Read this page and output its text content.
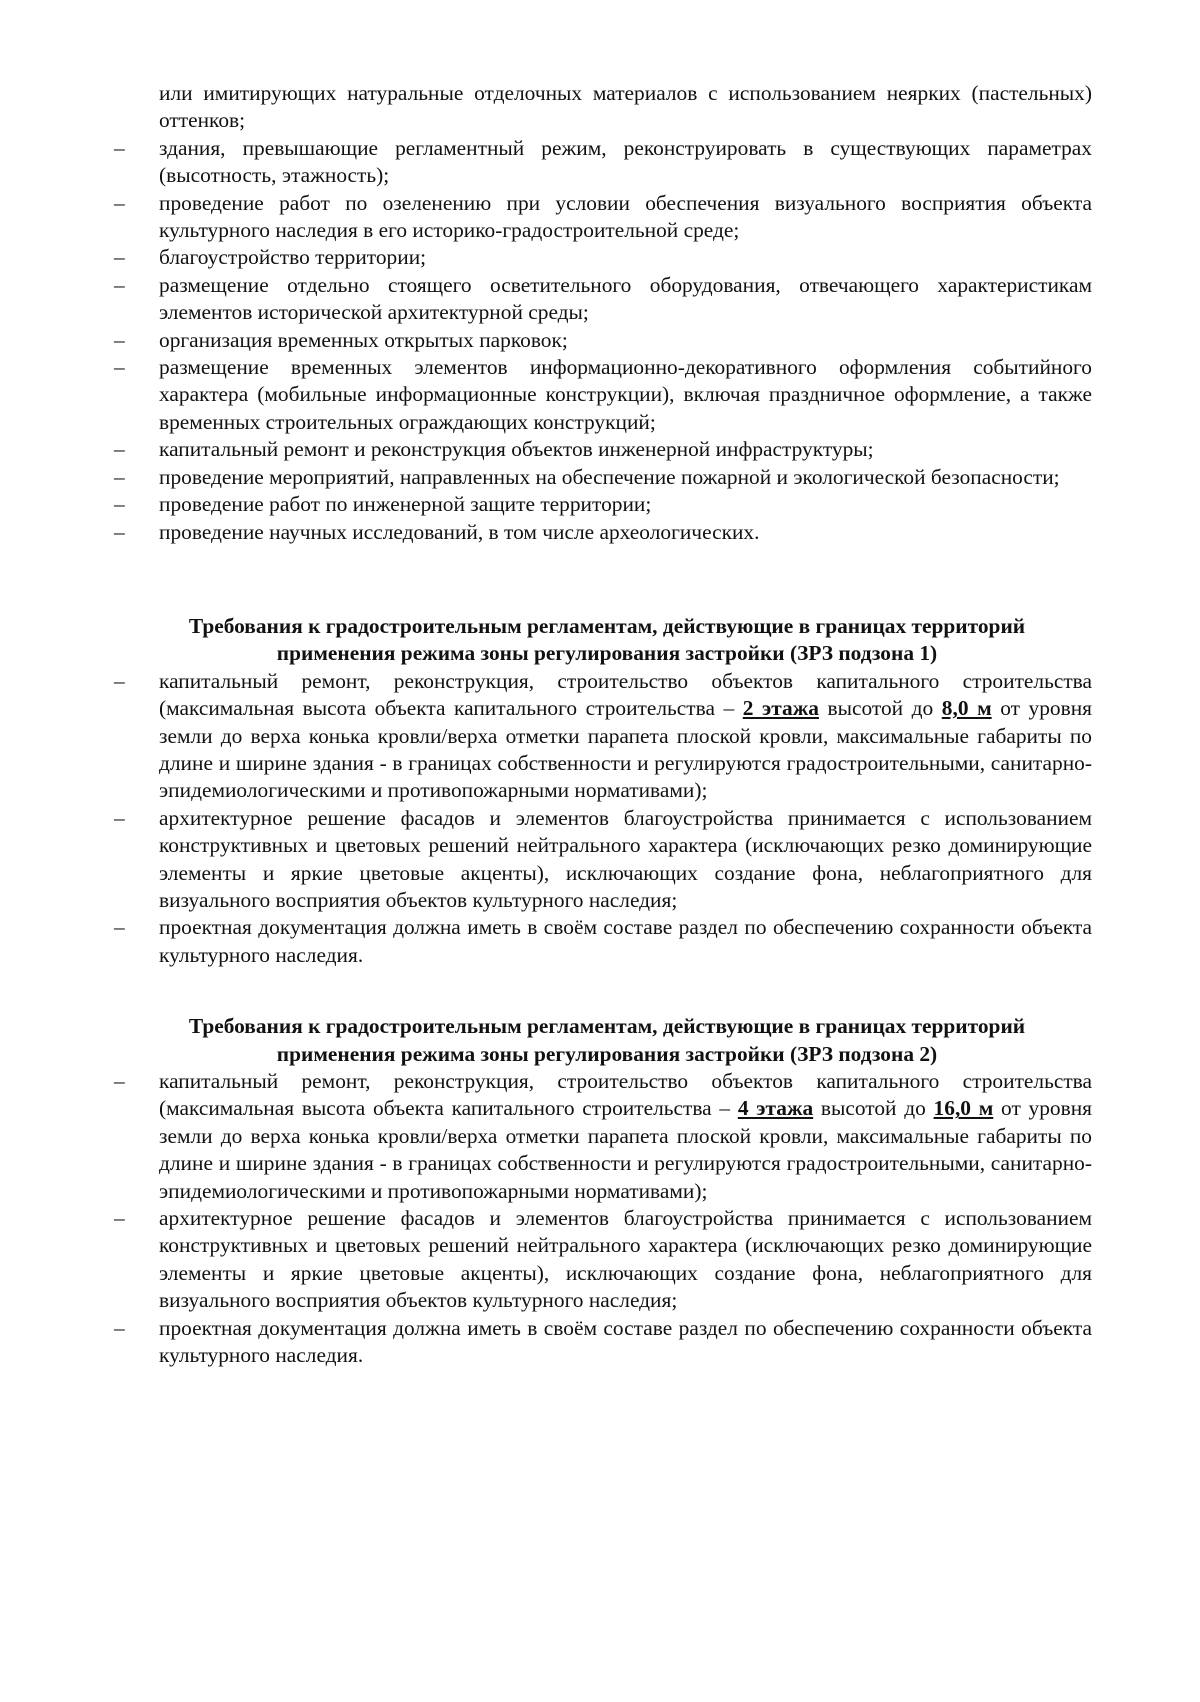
или имитирующих натуральные отделочных материалов с использованием неярких (пастельных) оттенков;
–	здания, превышающие регламентный режим, реконструировать в существующих параметрах (высотность, этажность);
–	проведение работ по озеленению при условии обеспечения визуального восприятия объекта культурного наследия в его историко-градостроительной среде;
–	благоустройство территории;
–	размещение отдельно стоящего осветительного оборудования, отвечающего характеристикам элементов исторической архитектурной среды;
–	организация временных открытых парковок;
–	размещение временных элементов информационно-декоративного оформления событийного характера (мобильные информационные конструкции), включая праздничное оформление, а также временных строительных ограждающих конструкций;
–	капитальный ремонт и реконструкция объектов инженерной инфраструктуры;
–	проведение мероприятий, направленных на обеспечение пожарной и экологической безопасности;
–	проведение работ по инженерной защите территории;
–	проведение научных исследований, в том числе археологических.
Требования к градостроительным регламентам, действующие в границах территорий
применения режима зоны регулирования застройки (ЗРЗ подзона 1)
–	капитальный ремонт, реконструкция, строительство объектов капитального строительства (максимальная высота объекта капитального строительства – 2 этажа высотой до 8,0 м от уровня земли до верха конька кровли/верха отметки парапета плоской кровли, максимальные габариты по длине и ширине здания - в границах собственности и регулируются градостроительными, санитарно-эпидемиологическими и противопожарными нормативами);
–	архитектурное решение фасадов и элементов благоустройства принимается с использованием конструктивных и цветовых решений нейтрального характера (исключающих резко доминирующие элементы и яркие цветовые акценты), исключающих создание фона, неблагоприятного для визуального восприятия объектов культурного наследия;
–	проектная документация должна иметь в своём составе раздел по обеспечению сохранности объекта культурного наследия.
Требования к градостроительным регламентам, действующие в границах территорий
применения режима зоны регулирования застройки (ЗРЗ подзона 2)
–	капитальный ремонт, реконструкция, строительство объектов капитального строительства (максимальная высота объекта капитального строительства – 4 этажа высотой до 16,0 м от уровня земли до верха конька кровли/верха отметки парапета плоской кровли, максимальные габариты по длине и ширине здания - в границах собственности и регулируются градостроительными, санитарно-эпидемиологическими и противопожарными нормативами);
–	архитектурное решение фасадов и элементов благоустройства принимается с использованием конструктивных и цветовых решений нейтрального характера (исключающих резко доминирующие элементы и яркие цветовые акценты), исключающих создание фона, неблагоприятного для визуального восприятия объектов культурного наследия;
–	проектная документация должна иметь в своём составе раздел по обеспечению сохранности объекта культурного наследия.
